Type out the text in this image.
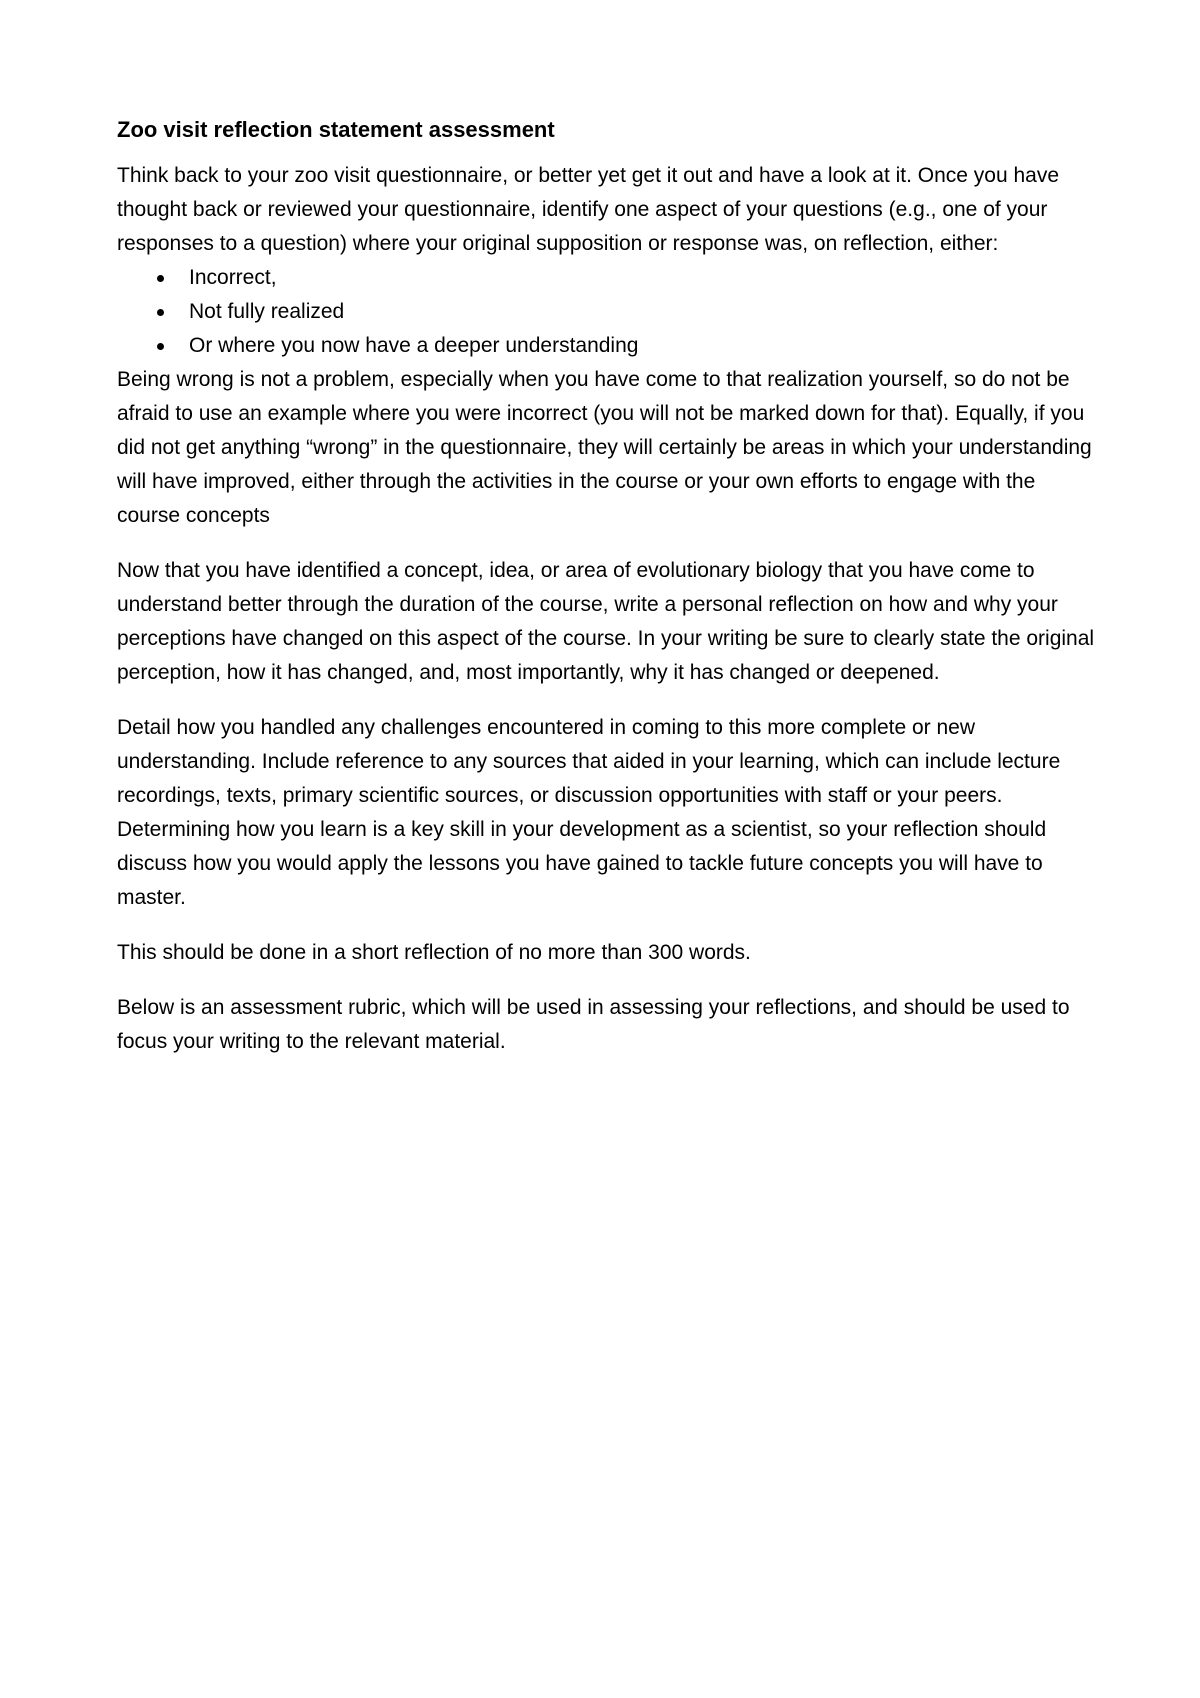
Zoo visit reflection statement assessment

Think back to your zoo visit questionnaire, or better yet get it out and have a look at it. Once you have thought back or reviewed your questionnaire, identify one aspect of your questions (e.g., one of your responses to a question) where your original supposition or response was, on reflection, either:

Incorrect,
Not fully realized
Or where you now have a deeper understanding

Being wrong is not a problem, especially when you have come to that realization yourself, so do not be afraid to use an example where you were incorrect (you will not be marked down for that). Equally, if you did not get anything “wrong” in the questionnaire, they will certainly be areas in which your understanding will have improved, either through the activities in the course or your own efforts to engage with the course concepts

Now that you have identified a concept, idea, or area of evolutionary biology that you have come to understand better through the duration of the course, write a personal reflection on how and why your perceptions have changed on this aspect of the course. In your writing be sure to clearly state the original perception, how it has changed, and, most importantly, why it has changed or deepened.

Detail how you handled any challenges encountered in coming to this more complete or new understanding. Include reference to any sources that aided in your learning, which can include lecture recordings, texts, primary scientific sources, or discussion opportunities with staff or your peers. Determining how you learn is a key skill in your development as a scientist, so your reflection should discuss how you would apply the lessons you have gained to tackle future concepts you will have to master.

This should be done in a short reflection of no more than 300 words.

Below is an assessment rubric, which will be used in assessing your reflections, and should be used to focus your writing to the relevant material.
